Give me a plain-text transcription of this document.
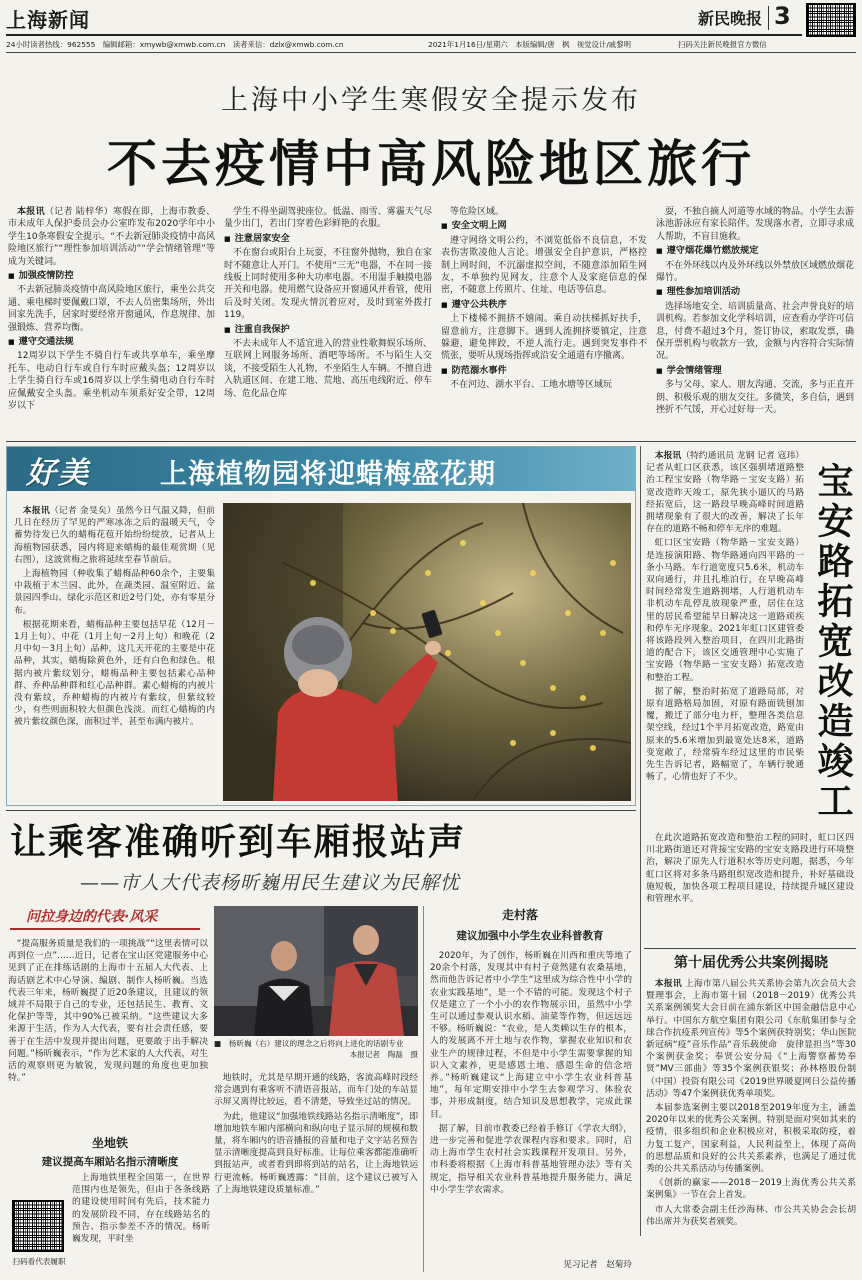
上海新闻	新民晚报 3
24小时读者热线：962555　编辑邮箱：xmywb@xmwb.com.cn　读者来信：dzlx@xmwb.com.cn	2021年1月16日/星期六　本版编辑/唐　枫　视觉设计/戚黎明	扫码关注新民晚报官方微信
上海中小学生寒假安全提示发布
不去疫情中高风险地区旅行

本报讯（记者 陆梓华）寒假在即，上海市教委、市未成年人保护委员会办公室昨发布2020学年中小学生10条寒假安全提示。“不去新冠肺炎疫情中高风险地区旅行”“理性参加培训活动”“学会情绪管理”等成为关键词。

■ 加强疫情防控

不去新冠肺炎疫情中高风险地区旅行，乘坐公共交通、乘电梯时要佩戴口罩，不去人员密集场所，外出回家先洗手，居家时要经常开窗通风，作息规律、加强锻炼、营养均衡。

■ 遵守交通法规

12周岁以下学生不骑自行车或共享单车，乘坐摩托车、电动自行车或自行车时应戴头盔；12周岁以上学生骑自行车或16周岁以上学生骑电动自行车时应佩戴安全头盔。乘坐机动车须系好安全带，12周岁以下

学生不得坐副驾驶座位。低温、雨雪、雾霾天气尽量少出门，若出门穿着色彩鲜艳的衣服。

■ 注意居家安全

不在窗台或阳台上玩耍，不往窗外抛物，独自在家时不随意让人开门。不使用“三无”电器，不在同一接线板上同时使用多种大功率电器。不用湿手触摸电器开关和电器。使用燃气设备应开窗通风并看管，使用后及时关闭。发现火情沉着应对，及时到室外拨打119。

■ 注重自我保护

不去未成年人不适宜进入的营业性歌舞娱乐场所、互联网上网服务场所、酒吧等场所。不与陌生人交谈，不接受陌生人礼物，不坐陌生人车辆。不擅自进入轨道区间、在建工地、荒地、高压电线附近、停车场、危化品仓库

等危险区域。

■ 安全文明上网

遵守网络文明公约，不浏览低俗不良信息，不发表伤害欺凌他人言论。增强安全自护意识，严格控制上网时间，不沉溺虚拟空间，不随意添加陌生网友，不单独约见网友，注意个人及家庭信息的保密，不随意上传照片、住址、电话等信息。

■ 遵守公共秩序

上下楼梯不拥挤不嬉闹。乘自动扶梯抓好扶手，留意前方，注意脚下。遇到人流拥挤要镇定，注意躲避，避免摔跤，不逆人流行走。遇到突发事件不慌张，要听从现场指挥或沿安全通道有序撤离。

■ 防范溺水事件

不在河边、湖水平台、工地水塘等区域玩

耍，不独自摘人河道等水域的物品。小学生去游泳池游泳应有家长陪伴。发现落水者，立即寻求成人帮助，不盲目施救。

■ 遵守烟花爆竹燃放规定

不在外环线以内及外环线以外禁放区域燃放烟花爆竹。

■ 理性参加培训活动

选择场地安全、培训质量高、社会声誉良好的培训机构。若参加文化学科培训，应查看办学许可信息，付费不超过3个月，签订协议，索取发票，确保开票机构与收款方一致，金额与内容符合实际情况。

■ 学会情绪管理

多与父母、家人、朋友沟通、交流，多与正直开朗、积极乐观的朋友交往。多微笑，多自信，遇到挫折不气馁，开心过好每一天。

好美	上海植物园将迎蜡梅盛花期

本报讯（记者 金旻矣）虽然今日气温又降，但前几日在经历了罕见的严寒冰冻之后的温暖天气，令蓄势待发已久的蜡梅花苞开始纷纷绽放，记者从上海植物园获悉，园内将迎来蜡梅的最佳观赏期（见右图），这波赏梅之旅将延续至春节前后。

上海植物园（种收集了蜡梅品种60余个，主要集中栽植于木兰园、此外，在蔬类园、温室附近、盆景园四季山、绿化示范区和近2号门处，亦有零星分布。

根据花期来看，蜡梅品种主要包括早花（12月－1月上旬）、中花（1月上旬－2月上旬）和晚花（2月中旬－3月上旬）品种，这几天开花的主要是中花品种，其实，蜡梅除黄色外，还有白色和绿色。根据内被片紫纹划分，蜡梅品种主要包括素心品种群、乔种品种群和红心品种群。素心蜡梅的内被片没有紫纹，乔种蜡梅的内被片有紫纹，但紫纹较少，有些则面积较大但颜色浅淡。而红心蜡梅的内被片紫纹颜色深，面积过半，甚至布满内被片。

本报讯（特约通讯员 龙钢 记者 寇玮）记者从虹口区获悉，该区强驯堵道路整治工程宝安路（物华路－宝安支路）拓宽改造昨天竣工，原先狭小逼仄的马路经拓宽后，这一路段早晚高峰时间道路拥堵现象有了很大的改善，解决了长年存在的道路不畅和停车无序的难题。

虹口区宝安路（物华路－宝安支路）是连接演阳路、物华路通向四平路的一条小马路。车行道宽度只5.6米，机动车双向通行，并且扎堆泊行，在早晚高峰时间经常发生道路拥堵，人行道机动车非机动车乱停乱放现象严重，居住在这里的居民希望能早日解决这一道路顽疾和停车无序现象。2021年虹口区建管委将该路段列入整治项目，在四川北路街道的配合下，该区交通管理中心实施了宝安路（物华路－宝安支路）拓宽改造和整治工程。

据了解，整治时拓宽了道路局部，对原有道路格局加固，对原有路面铣刨加覆，搬迁了部分电力杆，整理各类信息架空线，经过1个半月拓宽改造，路宽由原来的5.6米增加到最宽处达8米，道路变宽敞了，经常骑车经过这里的市民柴先生告诉记者，路幅宽了，车辆行驶通畅了，心情也好了不少。	宝安路拓宽改造竣工

在此次道路拓宽改造和整治工程的同时，虹口区四川北路街道还对背接宝安路的宝安支路段进行环境整治，解决了原先人行道积水等历史问题，据悉，今年虹口区将对多条马路组织宽改造和提升，补好基础设施短板，加快各项工程项目建设，持续提升城区建设和管理水平。

第十届优秀公共案例揭晓

本报讯 上海市第八届公共关系协会第九次会员大会暨理事会，上海市第十届（2018－2019）优秀公共关系案例颁奖大会日前在浦东新区中国金融信息中心举行。中国东方航空集团有限公司《东航集团参与全球合作抗疫系列宣传》等5个案例获特别奖；华山医院新冠病“疫”音乐作品“音乐载使命　旋律显担当”等30个案例获金奖；奉贤公安分局《“上海警察蓄势奉贤”MV三部曲》等35个案例获银奖；孙林格股份制（中国）投资有限公司《2019世界暖夏网日公益传播活动》等47个案例获优秀单项奖。

本届参选案例主要以2018至2019年度为主，涵盖2020年以来的优秀公关案例。特别是面对突如其来的疫情，很多组织和企业积极应对，积极采取防疫，着力复工复产，国家利益，人民利益至上，体现了高尚的思想品质和良好的公共关系素养，也满足了通过优秀的公共关系活动与传播案例。

《创新的赢家——2018－2019上海优秀公共关系案例集》一节在会上首发。

市人大常委会副主任沙海林、市公共关协会会长胡伟出席并为获奖者颁奖。

让乘客准确听到车厢报站声
——市人大代表杨昕巍用民生建议为民解忧
问拉身边的代表·风采

“提高服务质量是我们的一项挑战”“这里表情可以再到位一点”……近日，记者在宝山区党建服务中心见到了正在排练话剧的上海市十五届人大代表、上海话剧艺术中心导演、编剧、制作人杨昕巍。当选代表三年来，杨昕巍提了近20条建议，且建议的领域并不局限于自己的专业，还包括民生、教育、文化保护等等，其中90%已被采纳。“这些建议大多来源于生活，作为人大代表，要有社会责任感，要善于在生活中发现并提出问题，更要敢于出手解决问题。”杨昕巍表示，“作为艺术家的人大代表，对生活的观察则更为敏锐，发现问题的角度也更加独特。”

■　杨昕巍（右）建议的理念之后将向上进化的话剧专业

本报记者　陶磊　摄

地铁时，尤其是早期开通的线路，客流高峰时段经常会遇到有乘客听不清语音报站，而车门处的车站显示屏又离得比较远，看不清楚，导致坐过站的情况。

为此，他建议“加强地铁线路站名指示清晰度”，即增加地铁车厢内部横向和纵向电子显示屏的规模和数量，将车厢内的语音播报的音量和电子文字站名预告显示清晰度提高到良好标准。让每位乘客都能准确听到报站声，或者看到即将到站的站名，让上海地铁运行更流畅。杨昕巍透露：“目前，这个建议已被写入了上海地铁建设质量标准。”

坐地铁
建议提高车厢站名指示清晰度

上海地铁里程全国第一，在世界范围内也是领先，但由于各条线路的建设使用时间有先后，技术能力的发展阶段不同，存在线路站名的预告、指示参差不齐的情况。杨昕巍发现，平时坐

扫码看代表履职
走村落
建议加强中小学生农业科普教育

2020年，为了创作，杨昕巍在川西和重庆等地了20余个村落，发现其中有村子竟然建有农桑基地，然而他告诉记者中小学生“这里成为综合性中小学的农业实践基地”，是一个不错的可能。发现这个村子仅是建立了一个小小的农作物展示田，虽然中小学生可以通过参观认识水稻、油菜等作物，但远远远不够。杨昕巍说：“农业，是人类赖以生存的根本，人的发展离不开土地与农作物，掌握农业知识和农业生产的规律过程，不但是中小学生需要掌握的知识入文素养，更是感恩土地、感恩生命的信念培养。”杨昕巍建议“上海建立中小学生农业科普基地”，每年定期安排中小学生去参观学习、体验农事，并形成制度，结合知识及思想教学，完成此课目。

据了解，目前市教委已经着手修订《学农大纲》，进一步完善和促进学农课程内容和要求。同时，启动上海市学生农村社会实践课程开发项目。另外，市科委将根据《上海市科普基地管理办法》等有关规定，指导相关农业科普基地提升服务能力，满足中小学生学农需求。

见习记者　赵菊玲
